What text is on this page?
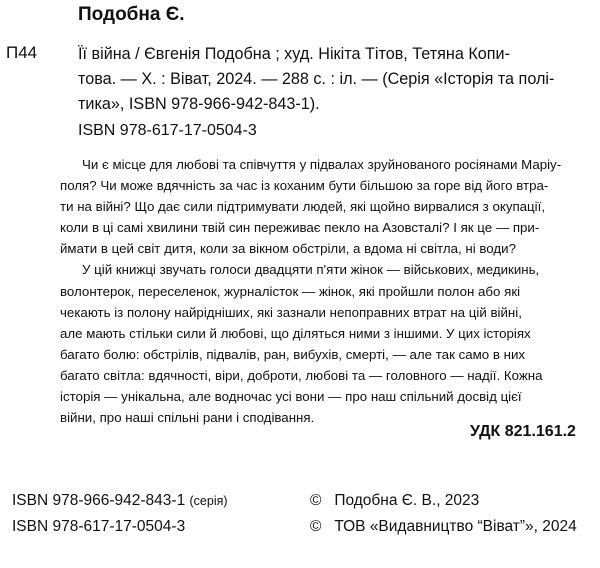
Подобна Є.
П44	Її війна / Євгенія Подобна ; худ. Нікіта Тітов, Тетяна Копи-
това. — Х. : Віват, 2024. — 288 с. : іл. — (Серія «Історія та полі-
тика», ISBN 978-966-942-843-1).
ISBN 978-617-17-0504-3

Чи є місце для любові та співчуття у підвалах зруйнованого росіянами Маріу-
поля? Чи може вдячність за час із коханим бути більшою за горе від його втра-
ти на війні? Що дає сили підтримувати людей, які щойно вирвалися з окупації,
коли в ці самі хвилини твій син переживає пекло на Азовсталі? І як це — при-
ймати в цей світ дитя, коли за вікном обстріли, а вдома ні світла, ні води?

У цій книжці звучать голоси двадцяти п'яти жінок — військових, медикинь,
волонтерок, переселенок, журналісток — жінок, які пройшли полон або які
чекають із полону найрідніших, які зазнали непоправних втрат на цій війні,
але мають стільки сили й любові, що діляться ними з іншими. У цих історіях
багато болю: обстрілів, підвалів, ран, вибухів, смерті, — але так само в них
багато світла: вдячності, віри, доброти, любові та — головного — надії. Кожна
історія — унікальна, але водночас усі вони — про наш спільний досвід цієї
війни, про наші спільні рани і сподівання.

УДК 821.161.2
ISBN 978-966-942-843-1 (серія)
ISBN 978-617-17-0504-3
© Подобна Є. В., 2023
© ТОВ «Видавництво “Віват”», 2024
